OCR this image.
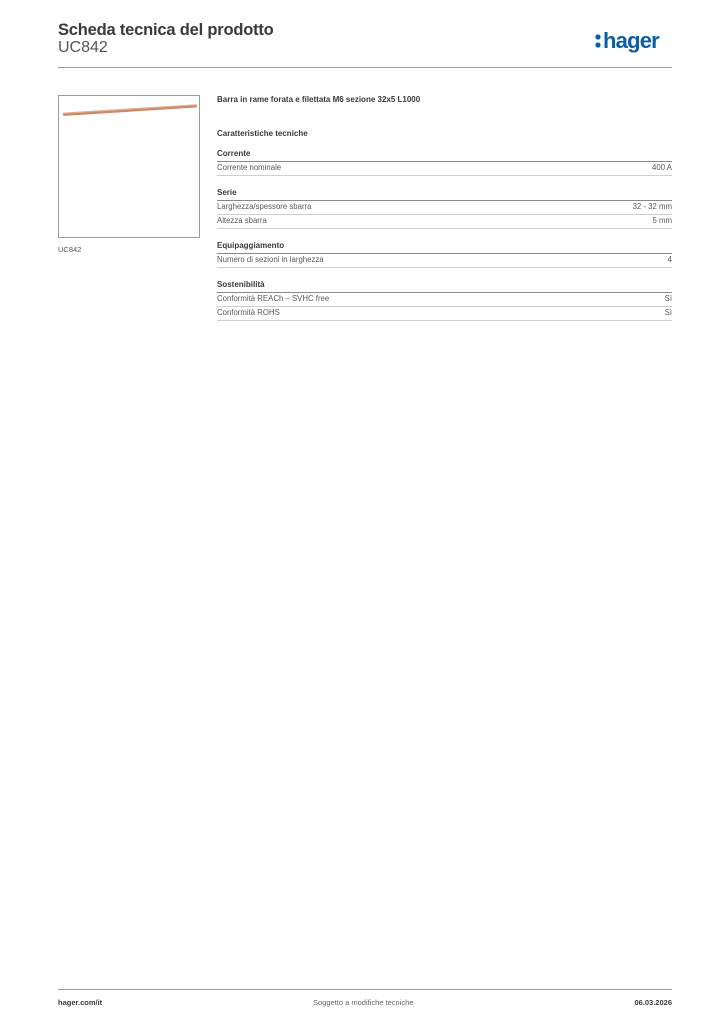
Scheda tecnica del prodotto
UC842	hager
UC842
Barra in rame forata e filettata M6 sezione 32x5 L1000
Caratteristiche tecniche
Corrente
Corrente nominale	400 A
Serie
Larghezza/spessore sbarra	32 - 32 mm
Altezza sbarra	5 mm
Equipaggiamento
Numero di sezioni in larghezza	4
Sostenibilità
Conformità REACh – SVHC free	Sì
Conformità ROHS	Sì
hager.com/it	Soggetto a modifiche tecniche	06.03.2026
